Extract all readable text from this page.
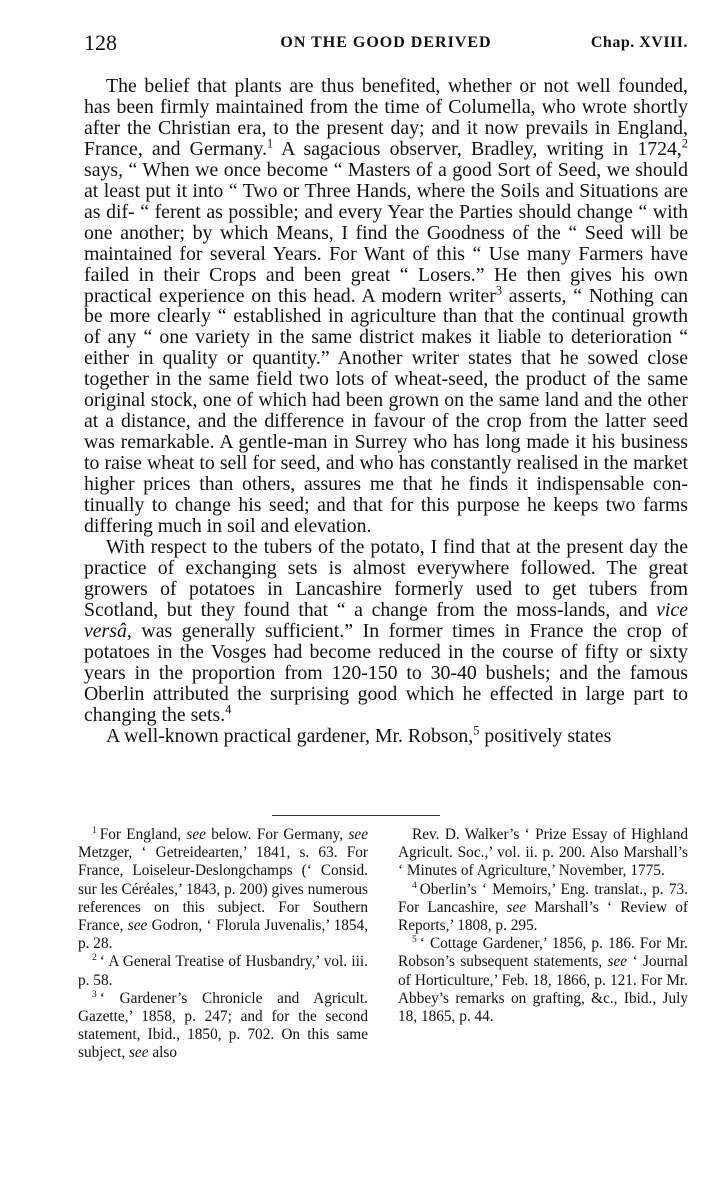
128	ON THE GOOD DERIVED	Chap. XVIII.

The belief that plants are thus benefited, whether or not well founded, has been firmly maintained from the time of Columella, who wrote shortly after the Christian era, to the present day; and it now prevails in England, France, and Germany.$^1$ A sagacious observer, Bradley, writing in 1724,$^2$ says, “ When we once become “ Masters of a good Sort of Seed, we should at least put it into “ Two or Three Hands, where the Soils and Situations are as dif- “ ferent as possible; and every Year the Parties should change “ with one another; by which Means, I find the Goodness of the “ Seed will be maintained for several Years. For Want of this “ Use many Farmers have failed in their Crops and been great “ Losers.” He then gives his own practical experience on this head. A modern writer$^3$ asserts, “ Nothing can be more clearly “ established in agriculture than that the continual growth of any “ one variety in the same district makes it liable to deterioration “ either in quality or quantity.” Another writer states that he sowed close together in the same field two lots of wheat-seed, the product of the same original stock, one of which had been grown on the same land and the other at a distance, and the difference in favour of the crop from the latter seed was remarkable. A gentle-man in Surrey who has long made it his business to raise wheat to sell for seed, and who has constantly realised in the market higher prices than others, assures me that he finds it indispensable con-tinually to change his seed; and that for this purpose he keeps two farms differing much in soil and elevation.

With respect to the tubers of the potato, I find that at the present day the practice of exchanging sets is almost everywhere followed. The great growers of potatoes in Lancashire formerly used to get tubers from Scotland, but they found that “ a change from the moss-lands, and vice versâ, was generally sufficient.” In former times in France the crop of potatoes in the Vosges had become reduced in the course of fifty or sixty years in the proportion from 120-150 to 30-40 bushels; and the famous Oberlin attributed the surprising good which he effected in large part to changing the sets.$^4$

A well-known practical gardener, Mr. Robson,$^5$ positively states

$^1$ For England, see below. For Germany, see Metzger, ‘ Getreidearten,’ 1841, s. 63. For France, Loiseleur-Deslongchamps (‘ Consid. sur les Céréales,’ 1843, p. 200) gives numerous references on this subject. For Southern France, see Godron, ‘ Florula Juvenalis,’ 1854, p. 28.

$^2$ ‘ A General Treatise of Husbandry,’ vol. iii. p. 58.

$^3$ ‘ Gardener’s Chronicle and Agricult. Gazette,’ 1858, p. 247; and for the second statement, Ibid., 1850, p. 702. On this same subject, see also

Rev. D. Walker’s ‘ Prize Essay of Highland Agricult. Soc.,’ vol. ii. p. 200. Also Marshall’s ‘ Minutes of Agriculture,’ November, 1775.

$^4$ Oberlin’s ‘ Memoirs,’ Eng. translat., p. 73. For Lancashire, see Marshall’s ‘ Review of Reports,’ 1808, p. 295.

$^5$ ‘ Cottage Gardener,’ 1856, p. 186. For Mr. Robson’s subsequent statements, see ‘ Journal of Horticulture,’ Feb. 18, 1866, p. 121. For Mr. Abbey’s remarks on grafting, &c., Ibid., July 18, 1865, p. 44.
